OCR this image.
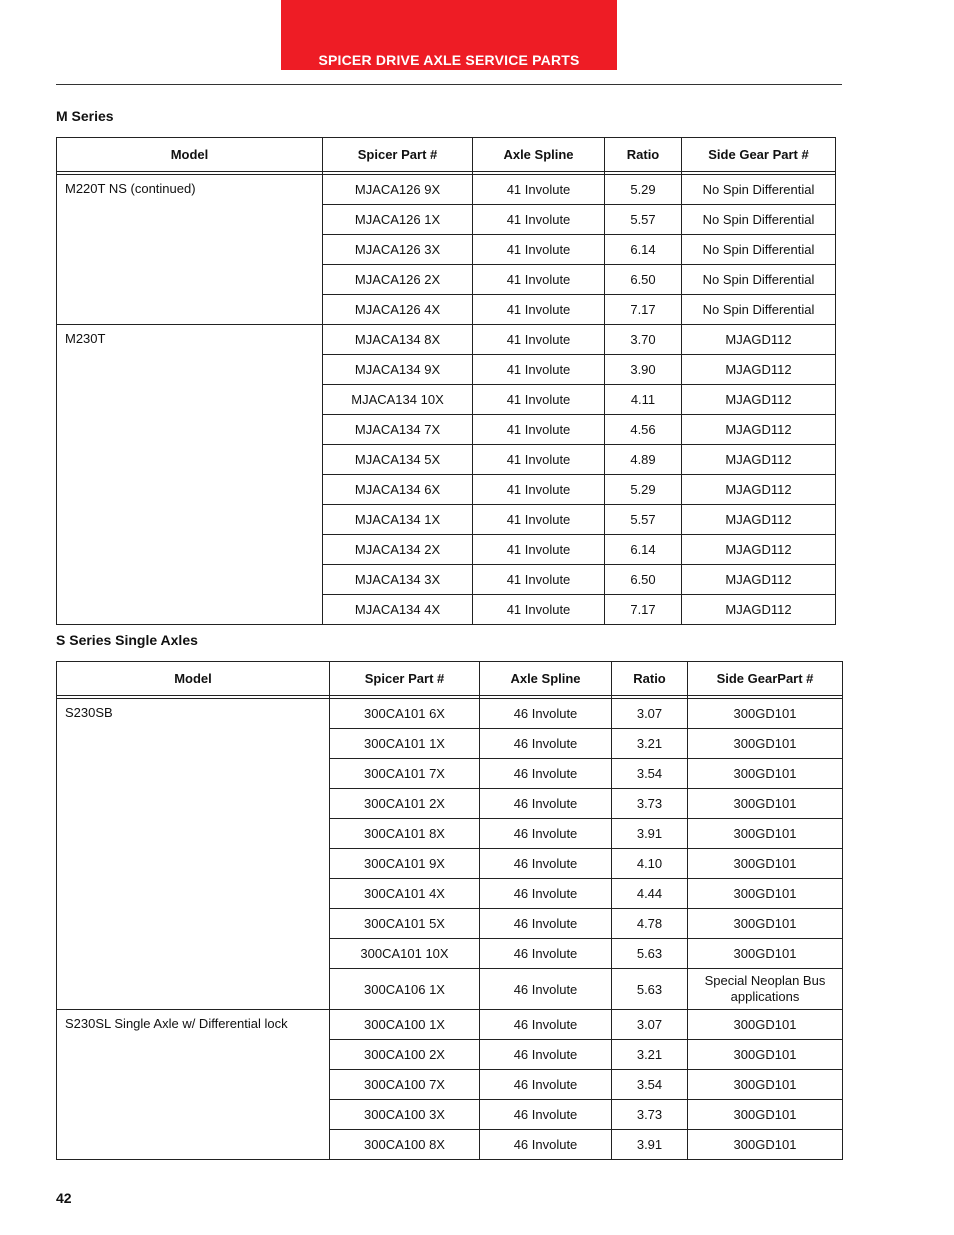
SPICER DRIVE AXLE SERVICE PARTS
M Series
Model	Spicer Part #	Axle Spline	Ratio	Side Gear Part #

M220T NS (continued)	MJACA126 9X	41 Involute	5.29	No Spin Differential
	MJACA126 1X	41 Involute	5.57	No Spin Differential
	MJACA126 3X	41 Involute	6.14	No Spin Differential
	MJACA126 2X	41 Involute	6.50	No Spin Differential
	MJACA126 4X	41 Involute	7.17	No Spin Differential
M230T	MJACA134 8X	41 Involute	3.70	MJAGD112
	MJACA134 9X	41 Involute	3.90	MJAGD112
	MJACA134 10X	41 Involute	4.11	MJAGD112
	MJACA134 7X	41 Involute	4.56	MJAGD112
	MJACA134 5X	41 Involute	4.89	MJAGD112
	MJACA134 6X	41 Involute	5.29	MJAGD112
	MJACA134 1X	41 Involute	5.57	MJAGD112
	MJACA134 2X	41 Involute	6.14	MJAGD112
	MJACA134 3X	41 Involute	6.50	MJAGD112
	MJACA134 4X	41 Involute	7.17	MJAGD112
S Series Single Axles
Model	Spicer Part #	Axle Spline	Ratio	Side GearPart #

S230SB	300CA101 6X	46 Involute	3.07	300GD101
	300CA101 1X	46 Involute	3.21	300GD101
	300CA101 7X	46 Involute	3.54	300GD101
	300CA101 2X	46 Involute	3.73	300GD101
	300CA101 8X	46 Involute	3.91	300GD101
	300CA101 9X	46 Involute	4.10	300GD101
	300CA101 4X	46 Involute	4.44	300GD101
	300CA101 5X	46 Involute	4.78	300GD101
	300CA101 10X	46 Involute	5.63	300GD101
	300CA106 1X	46 Involute	5.63	Special Neoplan Bus applications
S230SL Single Axle w/ Differential lock	300CA100 1X	46 Involute	3.07	300GD101
	300CA100 2X	46 Involute	3.21	300GD101
	300CA100 7X	46 Involute	3.54	300GD101
	300CA100 3X	46 Involute	3.73	300GD101
	300CA100 8X	46 Involute	3.91	300GD101
42
